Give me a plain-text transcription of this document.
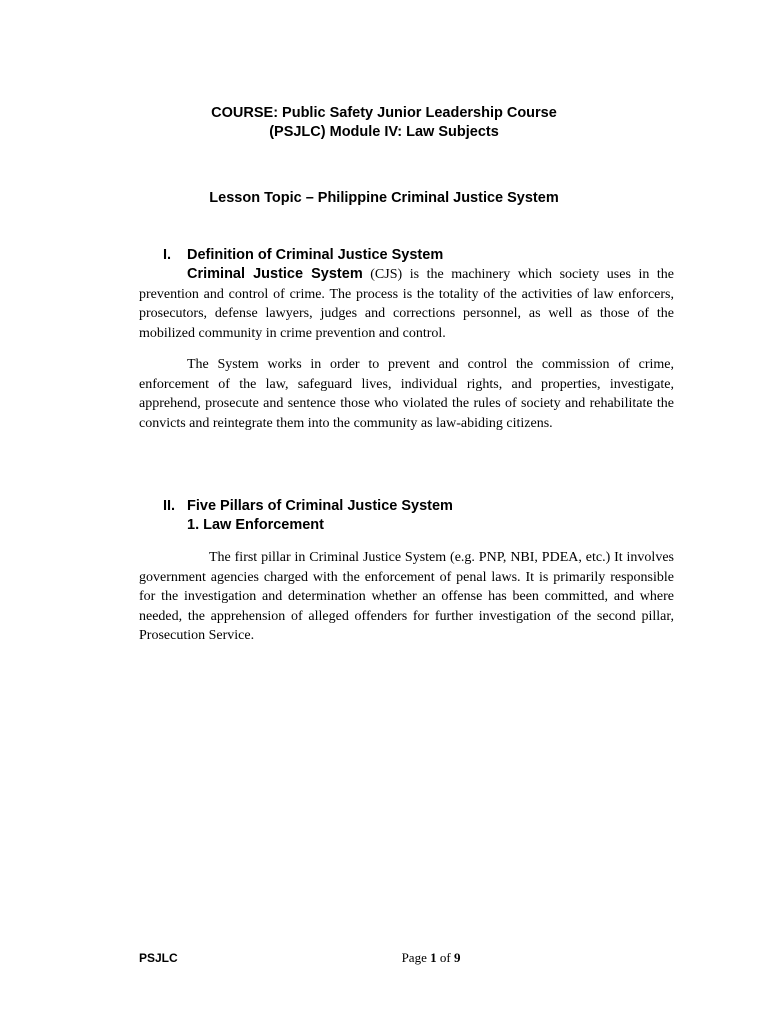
COURSE: Public Safety Junior Leadership Course
(PSJLC) Module IV: Law Subjects
Lesson Topic – Philippine Criminal Justice System
I. Definition of Criminal Justice System

Criminal Justice System (CJS) is the machinery which society uses in the prevention and control of crime. The process is the totality of the activities of law enforcers, prosecutors, defense lawyers, judges and corrections personnel, as well as those of the mobilized community in crime prevention and control.

The System works in order to prevent and control the commission of crime, enforcement of the law, safeguard lives, individual rights, and properties, investigate, apprehend, prosecute and sentence those who violated the rules of society and rehabilitate the convicts and reintegrate them into the community as law-abiding citizens.

II. Five Pillars of Criminal Justice System
1. Law Enforcement

The first pillar in Criminal Justice System (e.g. PNP, NBI, PDEA, etc.) It involves government agencies charged with the enforcement of penal laws. It is primarily responsible for the investigation and determination whether an offense has been committed, and where needed, the apprehension of alleged offenders for further investigation of the second pillar, Prosecution Service.

PSJLC	Page 1 of 9
